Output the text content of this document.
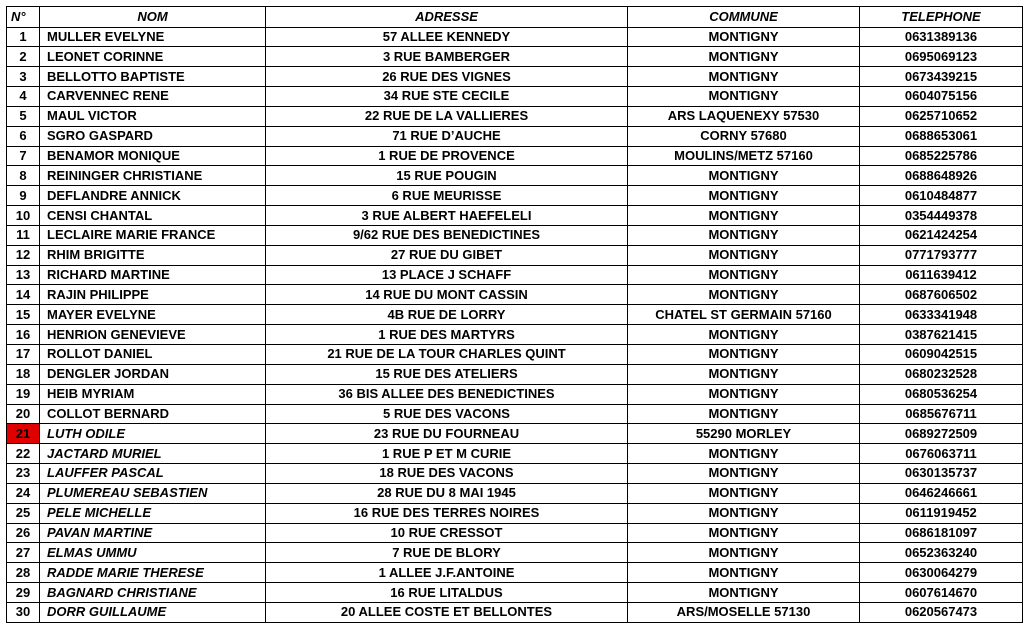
N°	NOM	ADRESSE	COMMUNE	TELEPHONE
1	MULLER EVELYNE	57 ALLEE KENNEDY	MONTIGNY	0631389136
2	LEONET CORINNE	3 RUE BAMBERGER	MONTIGNY	0695069123
3	BELLOTTO BAPTISTE	26 RUE DES VIGNES	MONTIGNY	0673439215
4	CARVENNEC RENE	34 RUE STE CECILE	MONTIGNY	0604075156
5	MAUL VICTOR	22 RUE DE LA VALLIERES	ARS LAQUENEXY 57530	0625710652
6	SGRO GASPARD	71 RUE D’AUCHE	CORNY 57680	0688653061
7	BENAMOR MONIQUE	1 RUE DE PROVENCE	MOULINS/METZ 57160	0685225786
8	REININGER CHRISTIANE	15 RUE POUGIN	MONTIGNY	0688648926
9	DEFLANDRE ANNICK	6 RUE MEURISSE	MONTIGNY	0610484877
10	CENSI CHANTAL	3 RUE ALBERT HAEFELELI	MONTIGNY	0354449378
11	LECLAIRE MARIE FRANCE	9/62 RUE DES BENEDICTINES	MONTIGNY	0621424254
12	RHIM BRIGITTE	27 RUE DU GIBET	MONTIGNY	0771793777
13	RICHARD MARTINE	13 PLACE J SCHAFF	MONTIGNY	0611639412
14	RAJIN PHILIPPE	14 RUE DU MONT CASSIN	MONTIGNY	0687606502
15	MAYER EVELYNE	4B RUE DE LORRY	CHATEL ST GERMAIN 57160	0633341948
16	HENRION GENEVIEVE	1 RUE DES MARTYRS	MONTIGNY	0387621415
17	ROLLOT DANIEL	21 RUE DE LA TOUR CHARLES QUINT	MONTIGNY	0609042515
18	DENGLER JORDAN	15 RUE DES ATELIERS	MONTIGNY	0680232528
19	HEIB MYRIAM	36 BIS ALLEE DES BENEDICTINES	MONTIGNY	0680536254
20	COLLOT BERNARD	5 RUE DES VACONS	MONTIGNY	0685676711
21	LUTH ODILE	23 RUE DU FOURNEAU	55290 MORLEY	0689272509
22	JACTARD MURIEL	1 RUE P ET M CURIE	MONTIGNY	0676063711
23	LAUFFER PASCAL	18 RUE DES VACONS	MONTIGNY	0630135737
24	PLUMEREAU SEBASTIEN	28 RUE DU 8 MAI 1945	MONTIGNY	0646246661
25	PELE MICHELLE	16 RUE DES TERRES NOIRES	MONTIGNY	0611919452
26	PAVAN MARTINE	10 RUE CRESSOT	MONTIGNY	0686181097
27	ELMAS UMMU	7 RUE DE BLORY	MONTIGNY	0652363240
28	RADDE MARIE THERESE	1 ALLEE J.F.ANTOINE	MONTIGNY	0630064279
29	BAGNARD CHRISTIANE	16 RUE LITALDUS	MONTIGNY	0607614670
30	DORR GUILLAUME	20 ALLEE COSTE ET BELLONTES	ARS/MOSELLE 57130	0620567473
